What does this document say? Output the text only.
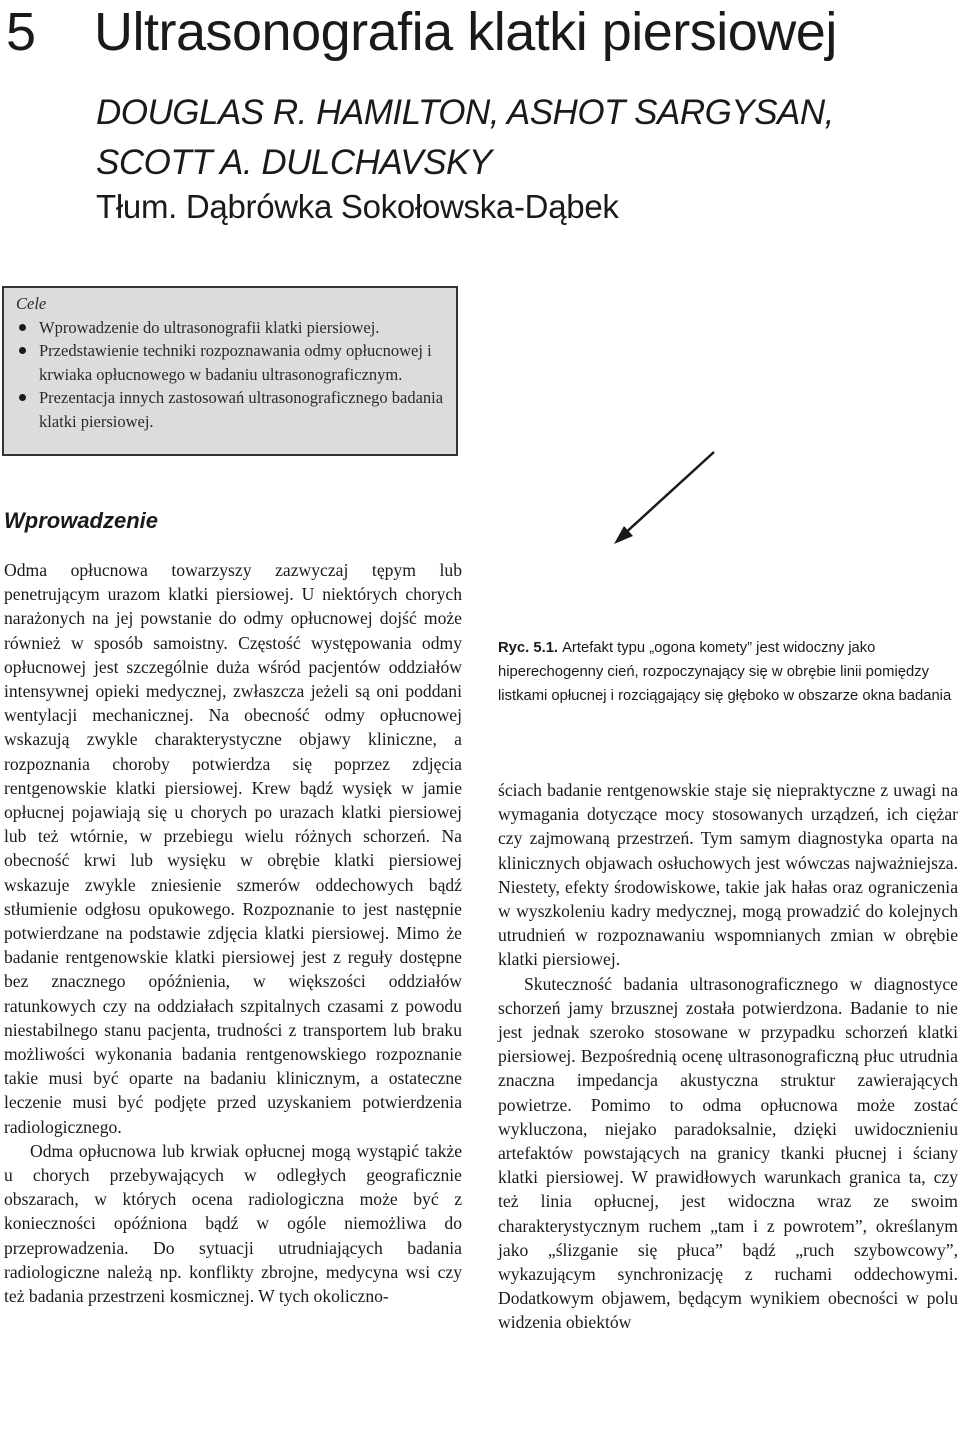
5 Ultrasonografia klatki piersiowej
DOUGLAS R. HAMILTON, ASHOT SARGYSAN,
SCOTT A. DULCHAVSKY
Tłum. Dąbrówka Sokołowska-Dąbek

Cele

Wprowadzenie do ultrasonografii klatki piersiowej.
Przedstawienie techniki rozpoznawania odmy opłucnowej i krwiaka opłucnowego w badaniu ultrasonograficznym.
Prezentacja innych zastosowań ultrasonograficznego badania klatki piersiowej.
Wprowadzenie

Odma opłucnowa towarzyszy zazwyczaj tępym lub penetrującym urazom klatki piersiowej. U niektórych chorych narażonych na jej powstanie do odmy opłucnowej dojść może również w sposób samoistny. Częstość występowania odmy opłucnowej jest szczególnie duża wśród pacjentów oddziałów intensywnej opieki medycznej, zwłaszcza jeżeli są oni poddani wentylacji mechanicznej. Na obecność odmy opłucnowej wskazują zwykle charakterystyczne objawy kliniczne, a rozpoznania choroby potwierdza się poprzez zdjęcia rentgenowskie klatki piersiowej. Krew bądź wysięk w jamie opłucnej pojawiają się u chorych po urazach klatki piersiowej lub też wtórnie, w przebiegu wielu różnych schorzeń. Na obecność krwi lub wysięku w obrębie klatki piersiowej wskazuje zwykle zniesienie szmerów oddechowych bądź stłumienie odgłosu opukowego. Rozpoznanie to jest następnie potwierdzane na podstawie zdjęcia klatki piersiowej. Mimo że badanie rentgenowskie klatki piersiowej jest z reguły dostępne bez znacznego opóźnienia, w większości oddziałów ratunkowych czy na oddziałach szpitalnych czasami z powodu niestabilnego stanu pacjenta, trudności z transportem lub braku możliwości wykonania badania rentgenowskiego rozpoznanie takie musi być oparte na badaniu klinicznym, a ostateczne leczenie musi być podjęte przed uzyskaniem potwierdzenia radiologicznego.

Odma opłucnowa lub krwiak opłucnej mogą wystąpić także u chorych przebywających w odległych geograficznie obszarach, w których ocena radiologiczna może być z konieczności opóźniona bądź w ogóle niemożliwa do przeprowadzenia. Do sytuacji utrudniających badania radiologiczne należą np. konflikty zbrojne, medycyna wsi czy też badania przestrzeni kosmicznej. W tych okoliczno-

Ryc. 5.1. Artefakt typu „ogona komety” jest widoczny jako hiperechogenny cień, rozpoczynający się w obrębie linii pomiędzy listkami opłucnej i rozciągający się głęboko w obszarze okna badania

ściach badanie rentgenowskie staje się niepraktyczne z uwagi na wymagania dotyczące mocy stosowanych urządzeń, ich ciężar czy zajmowaną przestrzeń. Tym samym diagnostyka oparta na klinicznych objawach osłuchowych jest wówczas najważniejsza. Niestety, efekty środowiskowe, takie jak hałas oraz ograniczenia w wyszkoleniu kadry medycznej, mogą prowadzić do kolejnych utrudnień w rozpoznawaniu wspomnianych zmian w obrębie klatki piersiowej.

Skuteczność badania ultrasonograficznego w diagnostyce schorzeń jamy brzusznej została potwierdzona. Badanie to nie jest jednak szeroko stosowane w przypadku schorzeń klatki piersiowej. Bezpośrednią ocenę ultrasonograficzną płuc utrudnia znaczna impedancja akustyczna struktur zawierających powietrze. Pomimo to odma opłucnowa może zostać wykluczona, niejako paradoksalnie, dzięki uwidocznieniu artefaktów powstających na granicy tkanki płucnej i ściany klatki piersiowej. W prawidłowych warunkach granica ta, czy też linia opłucnej, jest widoczna wraz ze swoim charakterystycznym ruchem „tam i z powrotem”, określanym jako „ślizganie się płuca” bądź „ruch szybowcowy”, wykazującym synchronizację z ruchami oddechowymi. Dodatkowym objawem, będącym wynikiem obecności w polu widzenia obiektów
